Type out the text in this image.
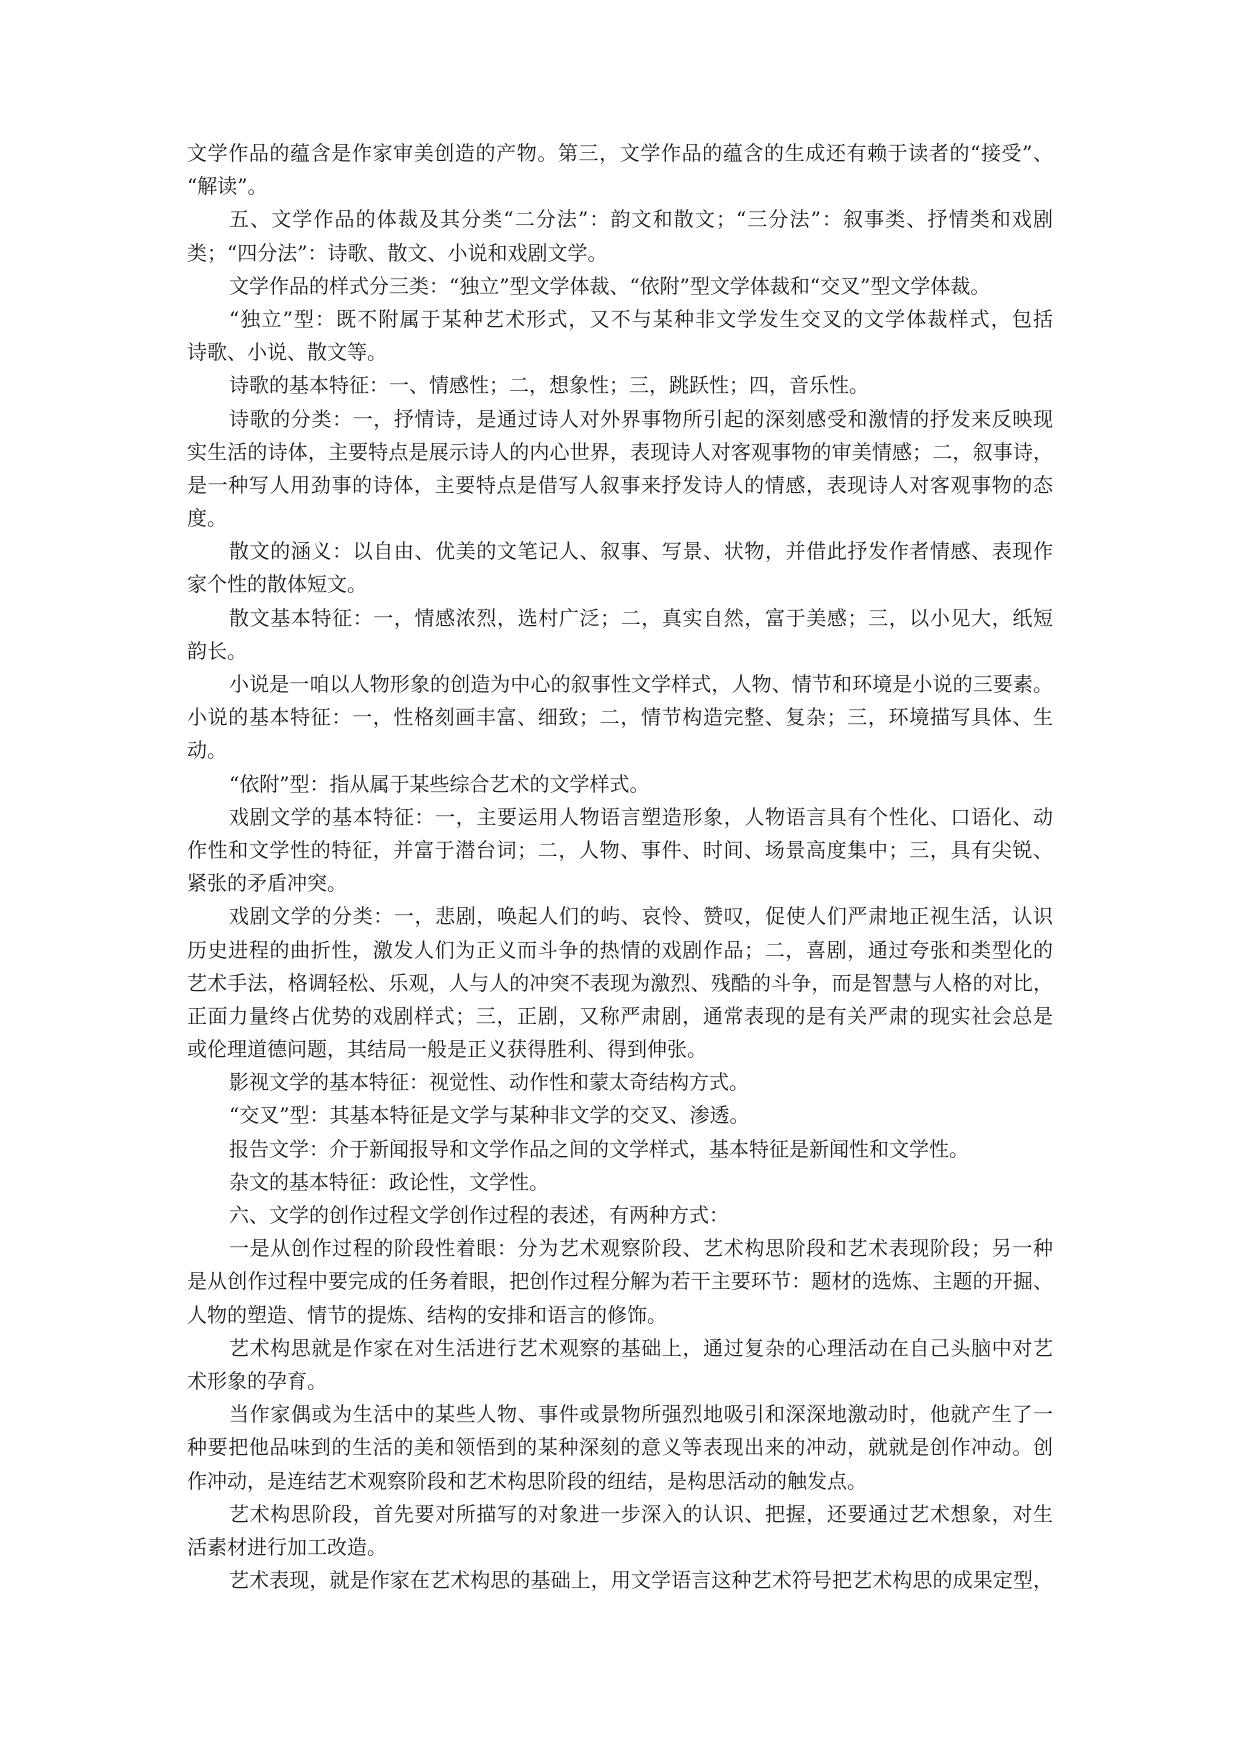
文学作品的蕴含是作家审美创造的产物。第三，文学作品的蕴含的生成还有赖于读者的“接受”、
“解读”。
五、文学作品的体裁及其分类“二分法”：韵文和散文；“三分法”：叙事类、抒情类和戏剧
类；“四分法”：诗歌、散文、小说和戏剧文学。
文学作品的样式分三类：“独立”型文学体裁、“依附”型文学体裁和“交叉”型文学体裁。
“独立”型：既不附属于某种艺术形式，又不与某种非文学发生交叉的文学体裁样式，包括
诗歌、小说、散文等。
诗歌的基本特征：一、情感性；二，想象性；三，跳跃性；四，音乐性。
诗歌的分类：一，抒情诗，是通过诗人对外界事物所引起的深刻感受和激情的抒发来反映现
实生活的诗体，主要特点是展示诗人的内心世界，表现诗人对客观事物的审美情感；二，叙事诗，
是一种写人用劲事的诗体，主要特点是借写人叙事来抒发诗人的情感，表现诗人对客观事物的态
度。
散文的涵义：以自由、优美的文笔记人、叙事、写景、状物，并借此抒发作者情感、表现作
家个性的散体短文。
散文基本特征：一，情感浓烈，选村广泛；二，真实自然，富于美感；三，以小见大，纸短
韵长。
小说是一咱以人物形象的创造为中心的叙事性文学样式，人物、情节和环境是小说的三要素。
小说的基本特征：一，性格刻画丰富、细致；二，情节构造完整、复杂；三，环境描写具体、生
动。
“依附”型：指从属于某些综合艺术的文学样式。
戏剧文学的基本特征：一，主要运用人物语言塑造形象，人物语言具有个性化、口语化、动
作性和文学性的特征，并富于潜台词；二，人物、事件、时间、场景高度集中；三，具有尖锐、
紧张的矛盾冲突。
戏剧文学的分类：一，悲剧，唤起人们的屿、哀怜、赞叹，促使人们严肃地正视生活，认识
历史进程的曲折性，激发人们为正义而斗争的热情的戏剧作品；二，喜剧，通过夸张和类型化的
艺术手法，格调轻松、乐观，人与人的冲突不表现为激烈、残酷的斗争，而是智慧与人格的对比，
正面力量终占优势的戏剧样式；三，正剧，又称严肃剧，通常表现的是有关严肃的现实社会总是
或伦理道德问题，其结局一般是正义获得胜利、得到伸张。
影视文学的基本特征：视觉性、动作性和蒙太奇结构方式。
“交叉”型：其基本特征是文学与某种非文学的交叉、渗透。
报告文学：介于新闻报导和文学作品之间的文学样式，基本特征是新闻性和文学性。
杂文的基本特征：政论性，文学性。
六、文学的创作过程文学创作过程的表述，有两种方式：
一是从创作过程的阶段性着眼：分为艺术观察阶段、艺术构思阶段和艺术表现阶段；另一种
是从创作过程中要完成的任务着眼，把创作过程分解为若干主要环节：题材的选炼、主题的开掘、
人物的塑造、情节的提炼、结构的安排和语言的修饰。
艺术构思就是作家在对生活进行艺术观察的基础上，通过复杂的心理活动在自己头脑中对艺
术形象的孕育。
当作家偶或为生活中的某些人物、事件或景物所强烈地吸引和深深地激动时，他就产生了一
种要把他品味到的生活的美和领悟到的某种深刻的意义等表现出来的冲动，就就是创作冲动。创
作冲动，是连结艺术观察阶段和艺术构思阶段的纽结，是构思活动的触发点。
艺术构思阶段，首先要对所描写的对象进一步深入的认识、把握，还要通过艺术想象，对生
活素材进行加工改造。
艺术表现，就是作家在艺术构思的基础上，用文学语言这种艺术符号把艺术构思的成果定型，
